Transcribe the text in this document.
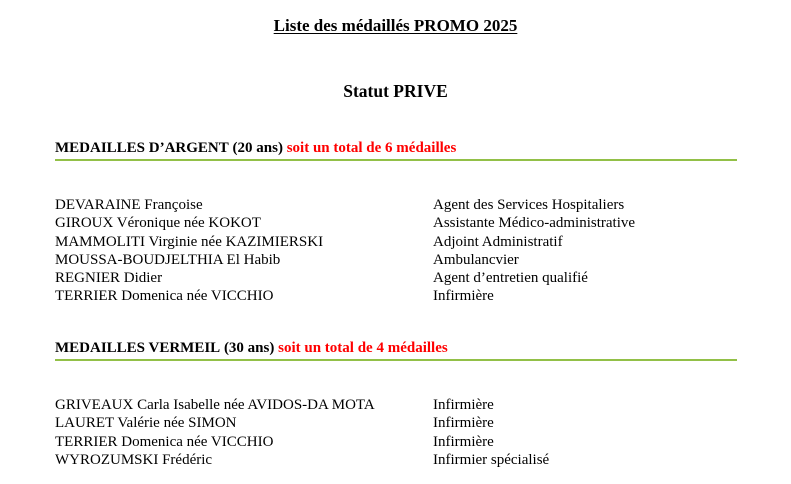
Liste des médaillés PROMO 2025
Statut PRIVE
MEDAILLES D’ARGENT (20 ans) soit un total de 6 médailles
DEVARAINE Françoise	Agent des Services Hospitaliers
GIROUX Véronique née KOKOT	Assistante Médico-administrative
MAMMOLITI Virginie née KAZIMIERSKI	Adjoint Administratif
MOUSSA-BOUDJELTHIA El Habib	Ambulancvier
REGNIER Didier	Agent d’entretien qualifié
TERRIER Domenica née VICCHIO	Infirmière
MEDAILLES VERMEIL (30 ans) soit un total de 4 médailles
GRIVEAUX Carla Isabelle née AVIDOS-DA MOTA	Infirmière
LAURET Valérie née SIMON	Infirmière
TERRIER Domenica née VICCHIO	Infirmière
WYROZUMSKI Frédéric	Infirmier spécialisé
